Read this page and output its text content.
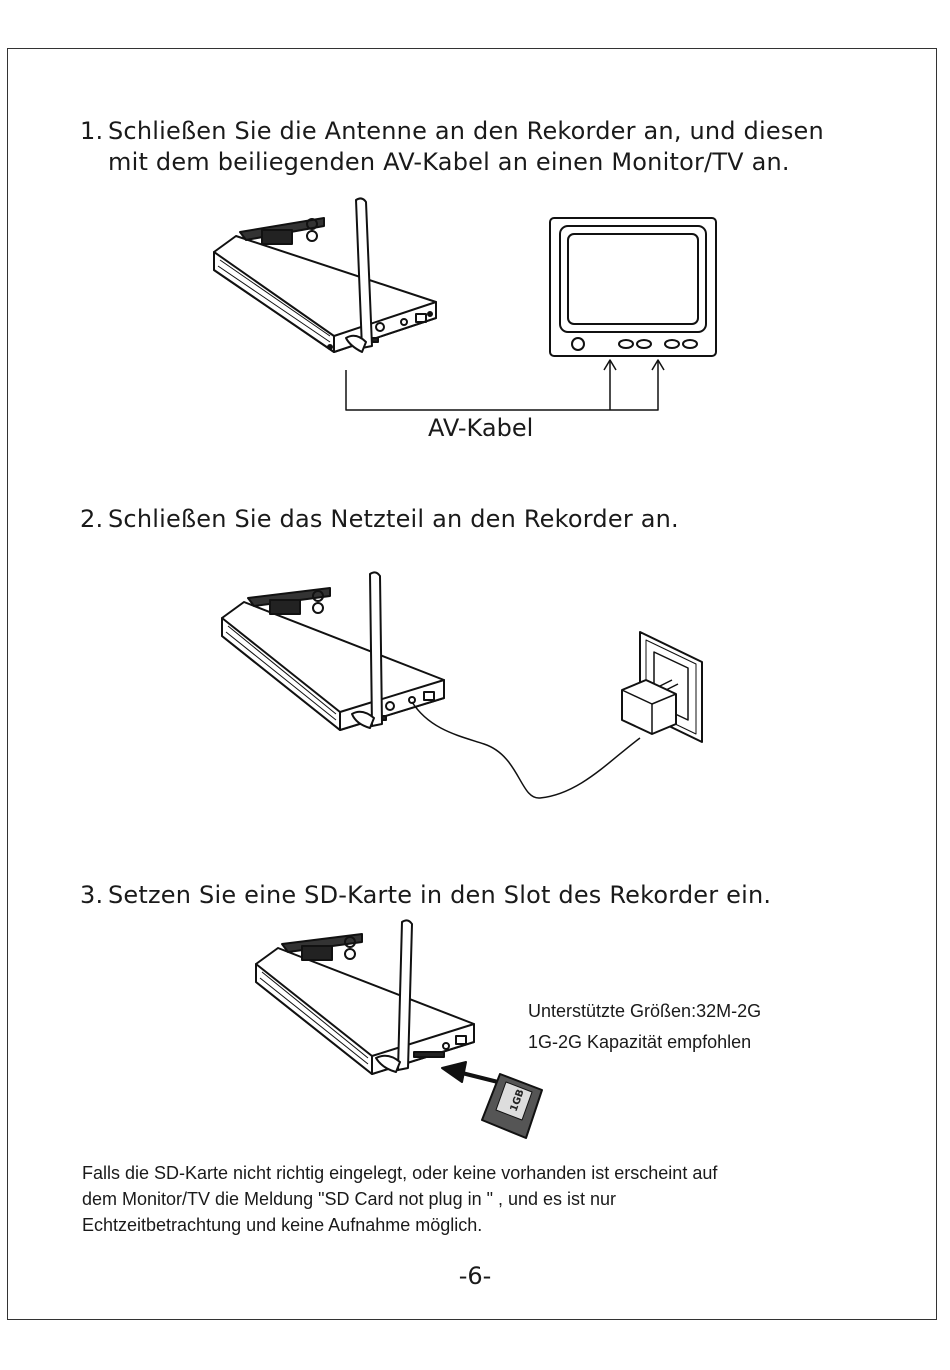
1. Schließen Sie die Antenne an den Rekorder an, und diesen
mit dem beiliegenden AV-Kabel an einen Monitor/TV an.
AV-Kabel
2. Schließen Sie das Netzteil an den Rekorder an.
3. Setzen Sie eine SD-Karte in den Slot des Rekorder ein.
1GB
Unterstützte Größen:32M-2G
1G-2G Kapazität empfohlen
Falls die SD-Karte nicht richtig eingelegt, oder keine vorhanden ist erscheint auf
dem Monitor/TV die Meldung "SD Card not plug in " , und es ist nur
Echtzeitbetrachtung und keine Aufnahme möglich.
-6-
